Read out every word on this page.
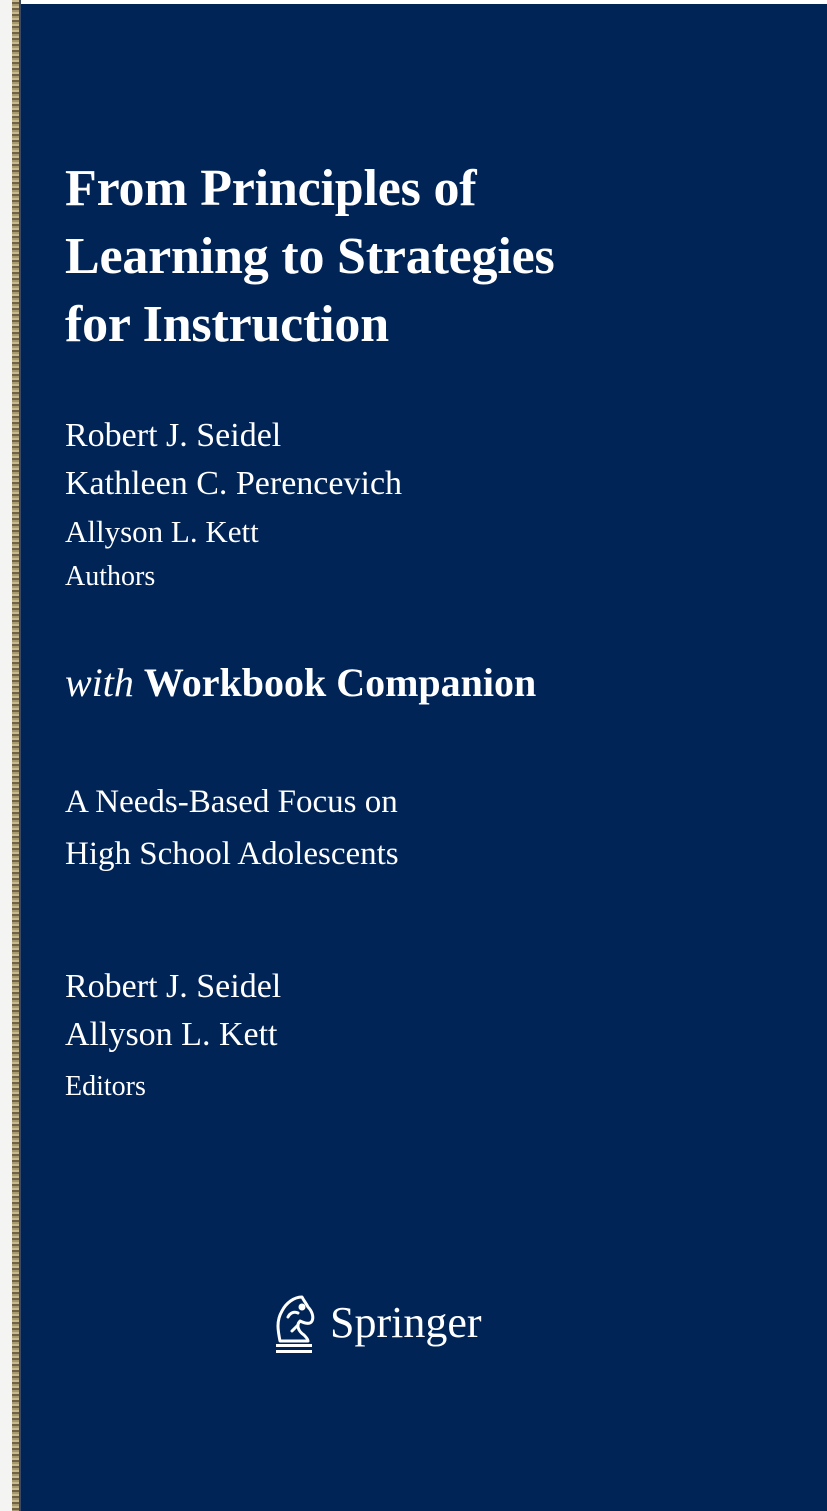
From Principles of
Learning to Strategies
for Instruction

Robert J. Seidel

Kathleen C. Perencevich

Allyson L. Kett

Authors

with Workbook Companion

A Needs-Based Focus on
High School Adolescents

Robert J. Seidel

Allyson L. Kett

Editors

Springer
